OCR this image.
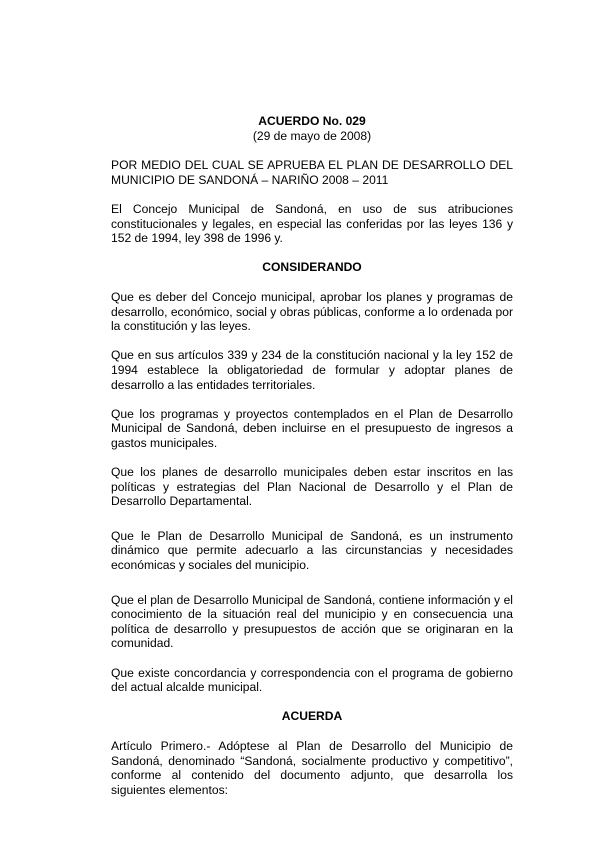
ACUERDO No. 029
(29 de mayo de 2008)

POR MEDIO DEL CUAL SE APRUEBA EL PLAN DE DESARROLLO DEL MUNICIPIO DE SANDONÁ – NARIÑO 2008 – 2011

El Concejo Municipal de Sandoná, en uso de sus atribuciones constitucionales y legales, en especial las conferidas por las leyes 136 y 152 de 1994, ley 398 de 1996 y.

CONSIDERANDO

Que es deber del Concejo municipal, aprobar los planes y programas de desarrollo, económico, social y obras públicas, conforme a lo ordenada por la constitución y las leyes.

Que en sus artículos 339 y 234 de la constitución nacional y la ley 152 de 1994 establece la obligatoriedad de formular y adoptar planes de desarrollo a las entidades territoriales.

Que los programas y proyectos contemplados en el Plan de Desarrollo Municipal de Sandoná, deben incluirse en el presupuesto de ingresos a gastos municipales.

Que los planes de desarrollo municipales deben estar inscritos en las políticas y estrategias del Plan Nacional de Desarrollo y el Plan de Desarrollo Departamental.

Que le Plan de Desarrollo Municipal de Sandoná, es un instrumento dinámico que permite adecuarlo a las circunstancias y necesidades económicas y sociales del municipio.

Que el plan de Desarrollo Municipal de Sandoná, contiene información y el conocimiento de la situación real del municipio y en consecuencia una política de desarrollo y presupuestos de acción que se originaran en la comunidad.

Que existe concordancia y correspondencia con el programa de gobierno del actual alcalde municipal.

ACUERDA

Artículo Primero.- Adóptese al Plan de Desarrollo del Municipio de Sandoná, denominado “Sandoná, socialmente productivo y competitivo”, conforme al contenido del documento adjunto, que desarrolla los siguientes elementos:
